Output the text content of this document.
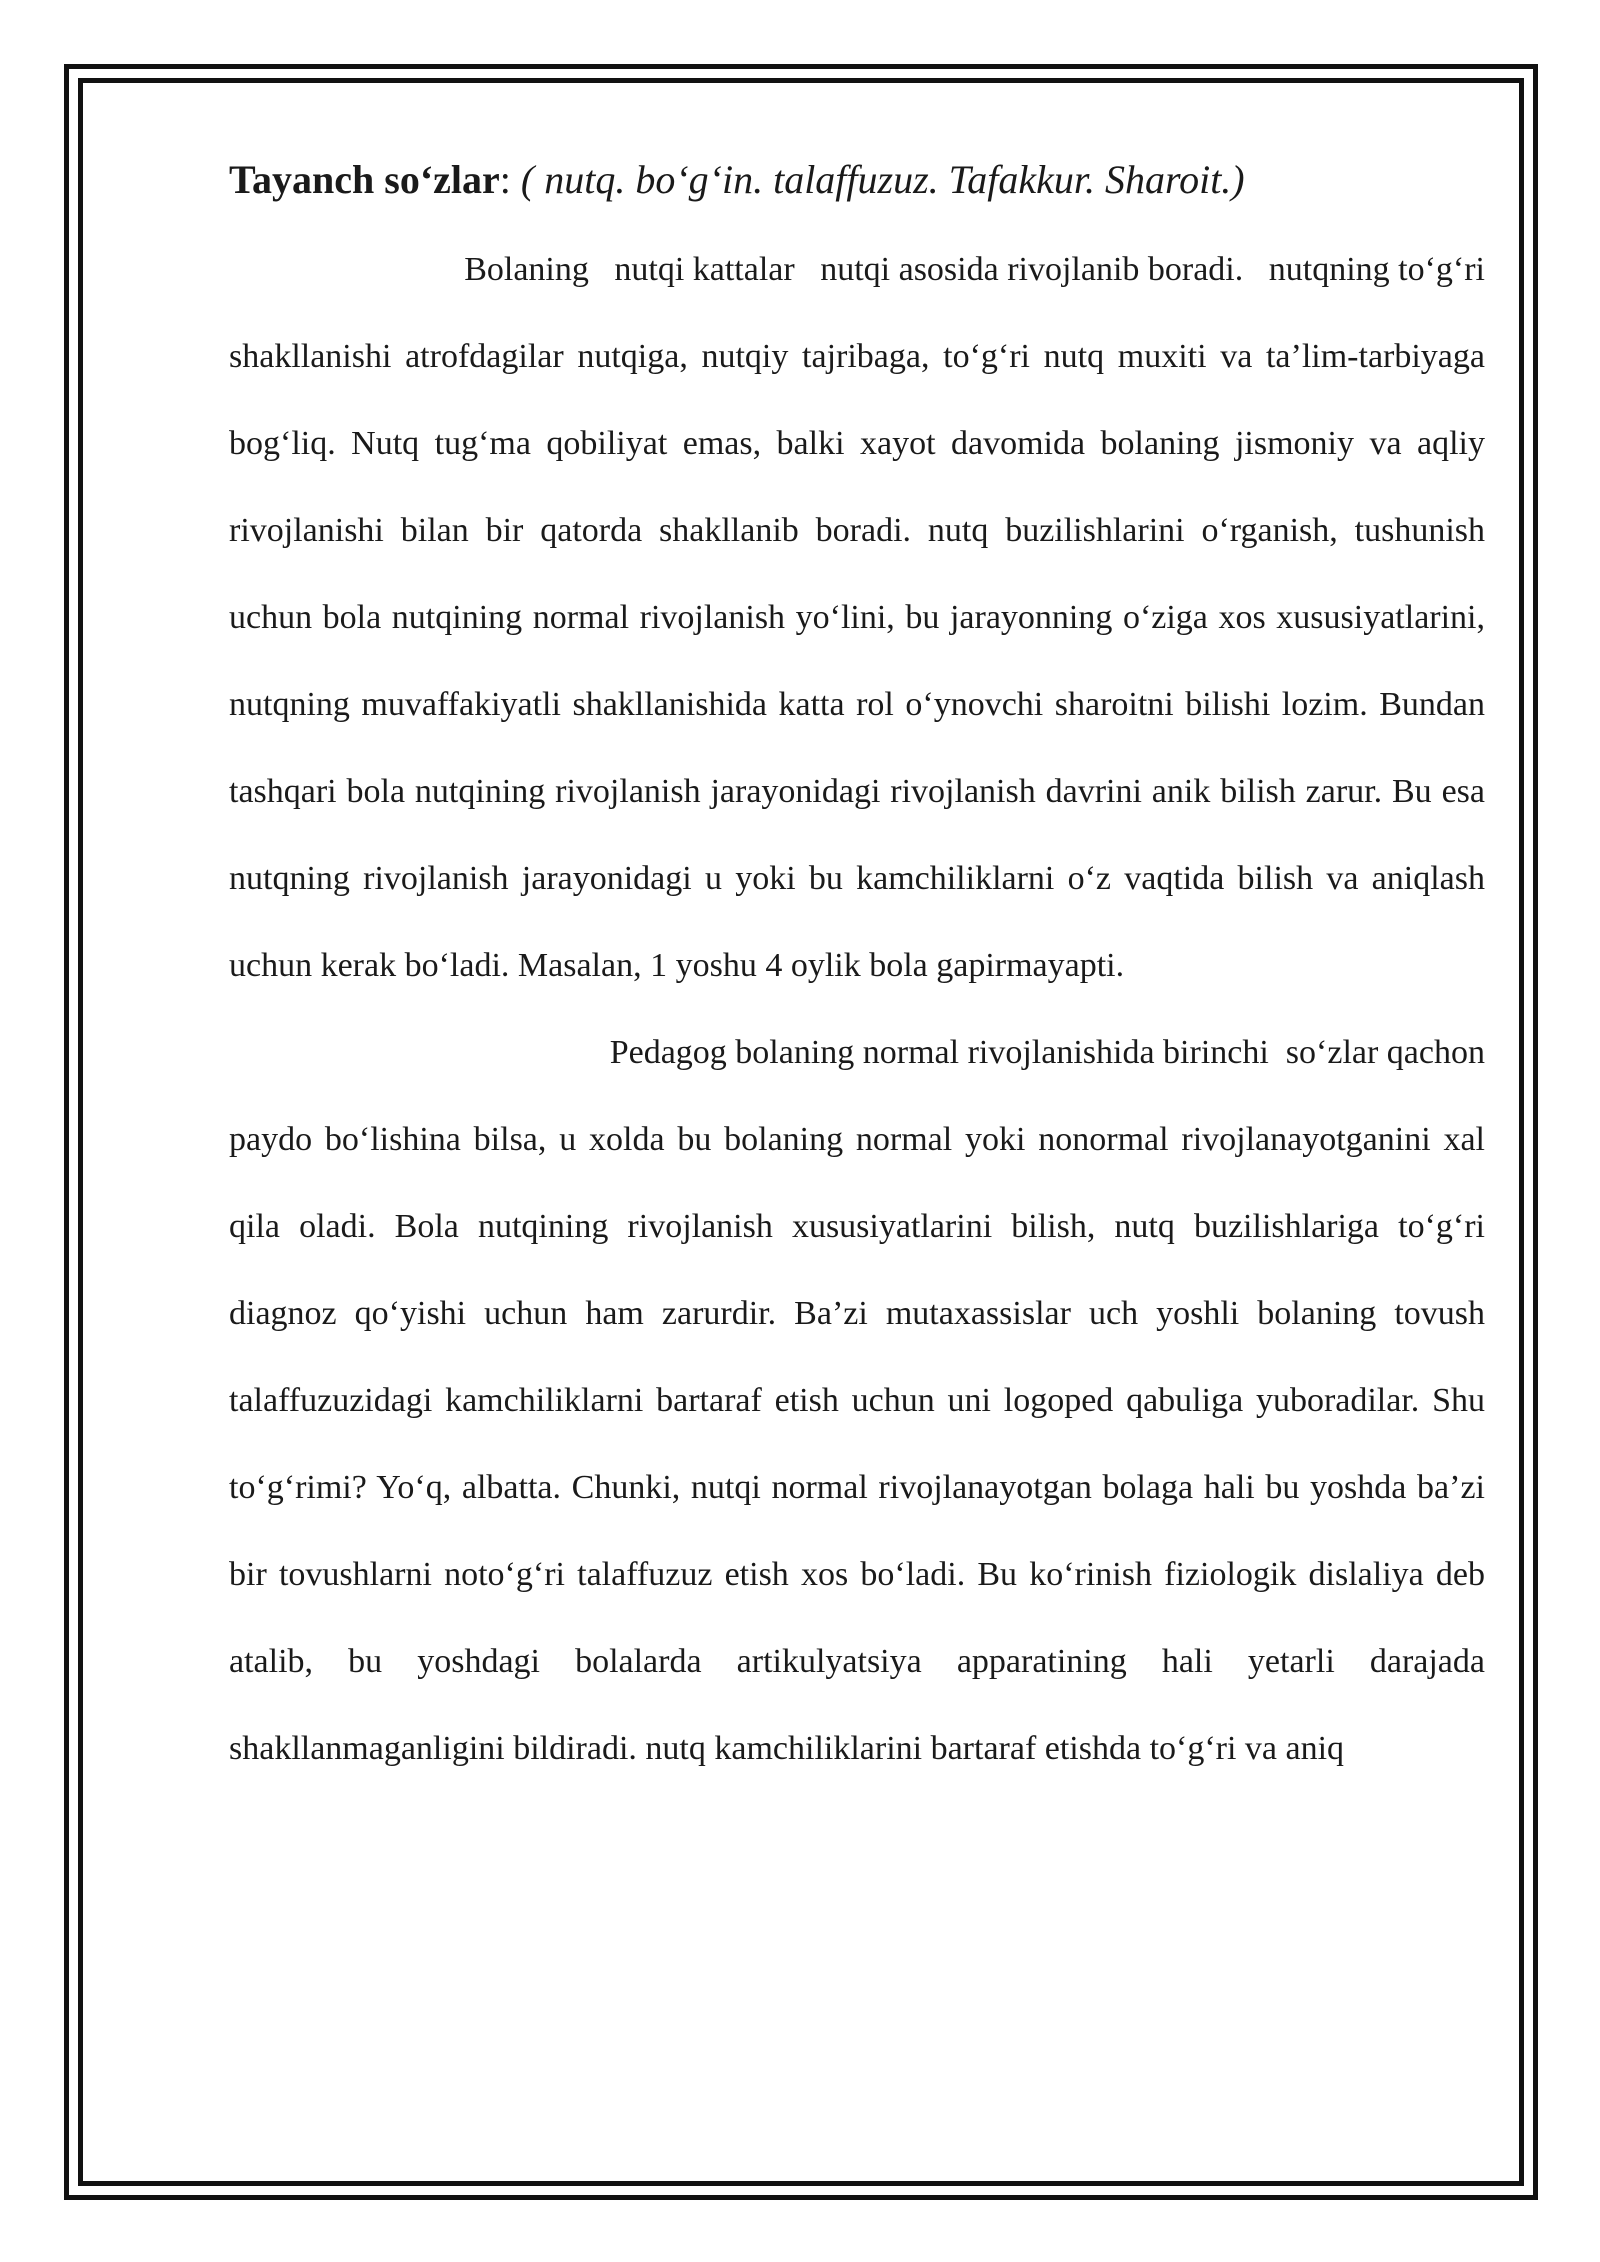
Tayanch so‘zlar: ( nutq. bo‘g‘in. talaffuzuz. Tafakkur. Sharoit.)

Bolaning   nutqi kattalar   nutqi asosida rivojlanib boradi.   nutqning to‘g‘ri
shakllanishi atrofdagilar nutqiga, nutqiy tajribaga, to‘g‘ri nutq muxiti va ta’lim-tarbiyaga bog‘liq. Nutq tug‘ma qobiliyat emas, balki xayot davomida bolaning jismoniy va aqliy rivojlanishi bilan bir qatorda shakllanib boradi. nutq buzilishlarini o‘rganish, tushunish uchun bola nutqining normal rivojlanish yo‘lini, bu jarayonning o‘ziga xos xususiyatlarini, nutqning muvaffakiyatli shakllanishida katta rol o‘ynovchi sharoitni bilishi lozim. Bundan tashqari bola nutqining rivojlanish jarayonidagi rivojlanish davrini anik bilish zarur. Bu esa nutqning rivojlanish jarayonidagi u yoki bu kamchiliklarni o‘z vaqtida bilish va aniqlash uchun kerak bo‘ladi. Masalan, 1 yoshu 4 oylik bola gapirmayapti.

Pedagog bolaning normal rivojlanishida birinchi  so‘zlar qachon
paydo bo‘lishina bilsa, u xolda bu bolaning normal yoki nonormal rivojlanayotganini xal qila oladi. Bola nutqining rivojlanish xususiyatlarini bilish, nutq buzilishlariga to‘g‘ri diagnoz qo‘yishi uchun ham zarurdir. Ba’zi mutaxassislar uch yoshli bolaning tovush talaffuzuzidagi kamchiliklarni bartaraf etish uchun uni logoped qabuliga yuboradilar. Shu to‘g‘rimi? Yo‘q, albatta. Chunki, nutqi normal rivojlanayotgan bolaga hali bu yoshda ba’zi bir tovushlarni noto‘g‘ri talaffuzuz etish xos bo‘ladi. Bu ko‘rinish fiziologik dislaliya deb atalib, bu yoshdagi bolalarda artikulyatsiya apparatining hali yetarli darajada shakllanmaganligini bildiradi. nutq kamchiliklarini bartaraf etishda to‘g‘ri va aniq
